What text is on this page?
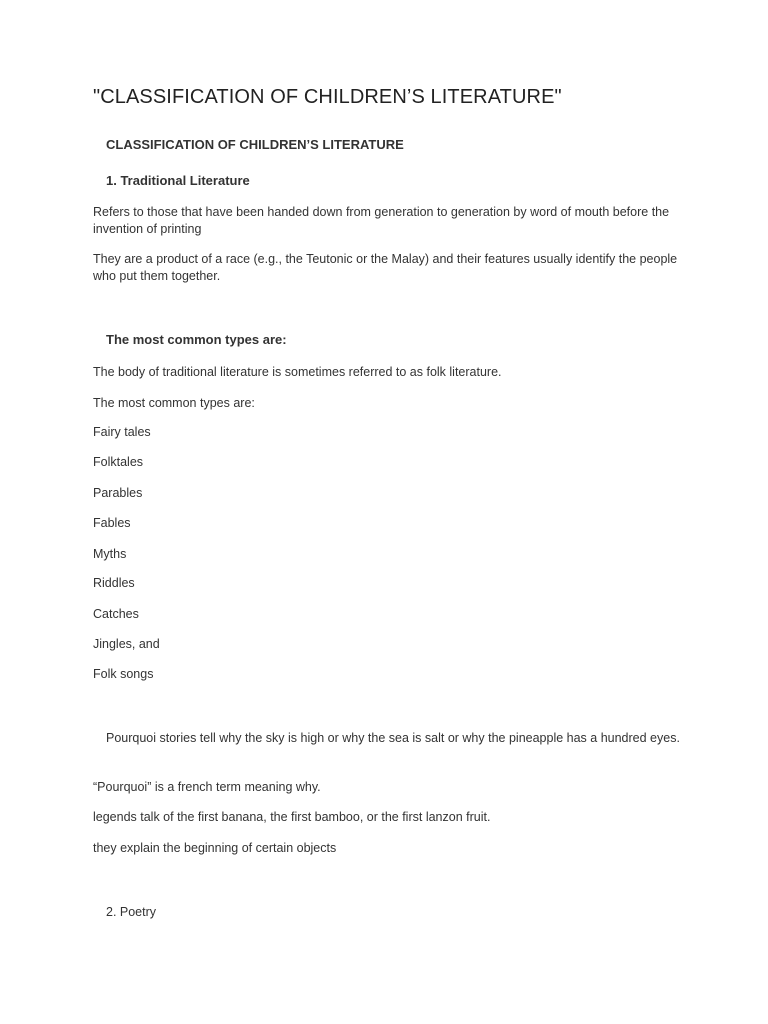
"CLASSIFICATION OF CHILDREN’S LITERATURE"
CLASSIFICATION OF CHILDREN’S LITERATURE
1. Traditional Literature

Refers to those that have been handed down from generation to generation by word of mouth before the invention of printing

They are a product of a race (e.g., the Teutonic or the Malay) and their features usually identify the people who put them together.

The most common types are:
The body of traditional literature is sometimes referred to as folk literature.
The most common types are:
Fairy tales
Folktales
Parables
Fables
Myths
Riddles
Catches
Jingles, and
Folk songs

Pourquoi stories tell why the sky is high or why the sea is salt or why the pineapple has a hundred eyes.

“Pourquoi” is a french term meaning why.
legends talk of the first banana, the first bamboo, or the first lanzon fruit.
they explain the beginning of certain objects
2. Poetry
